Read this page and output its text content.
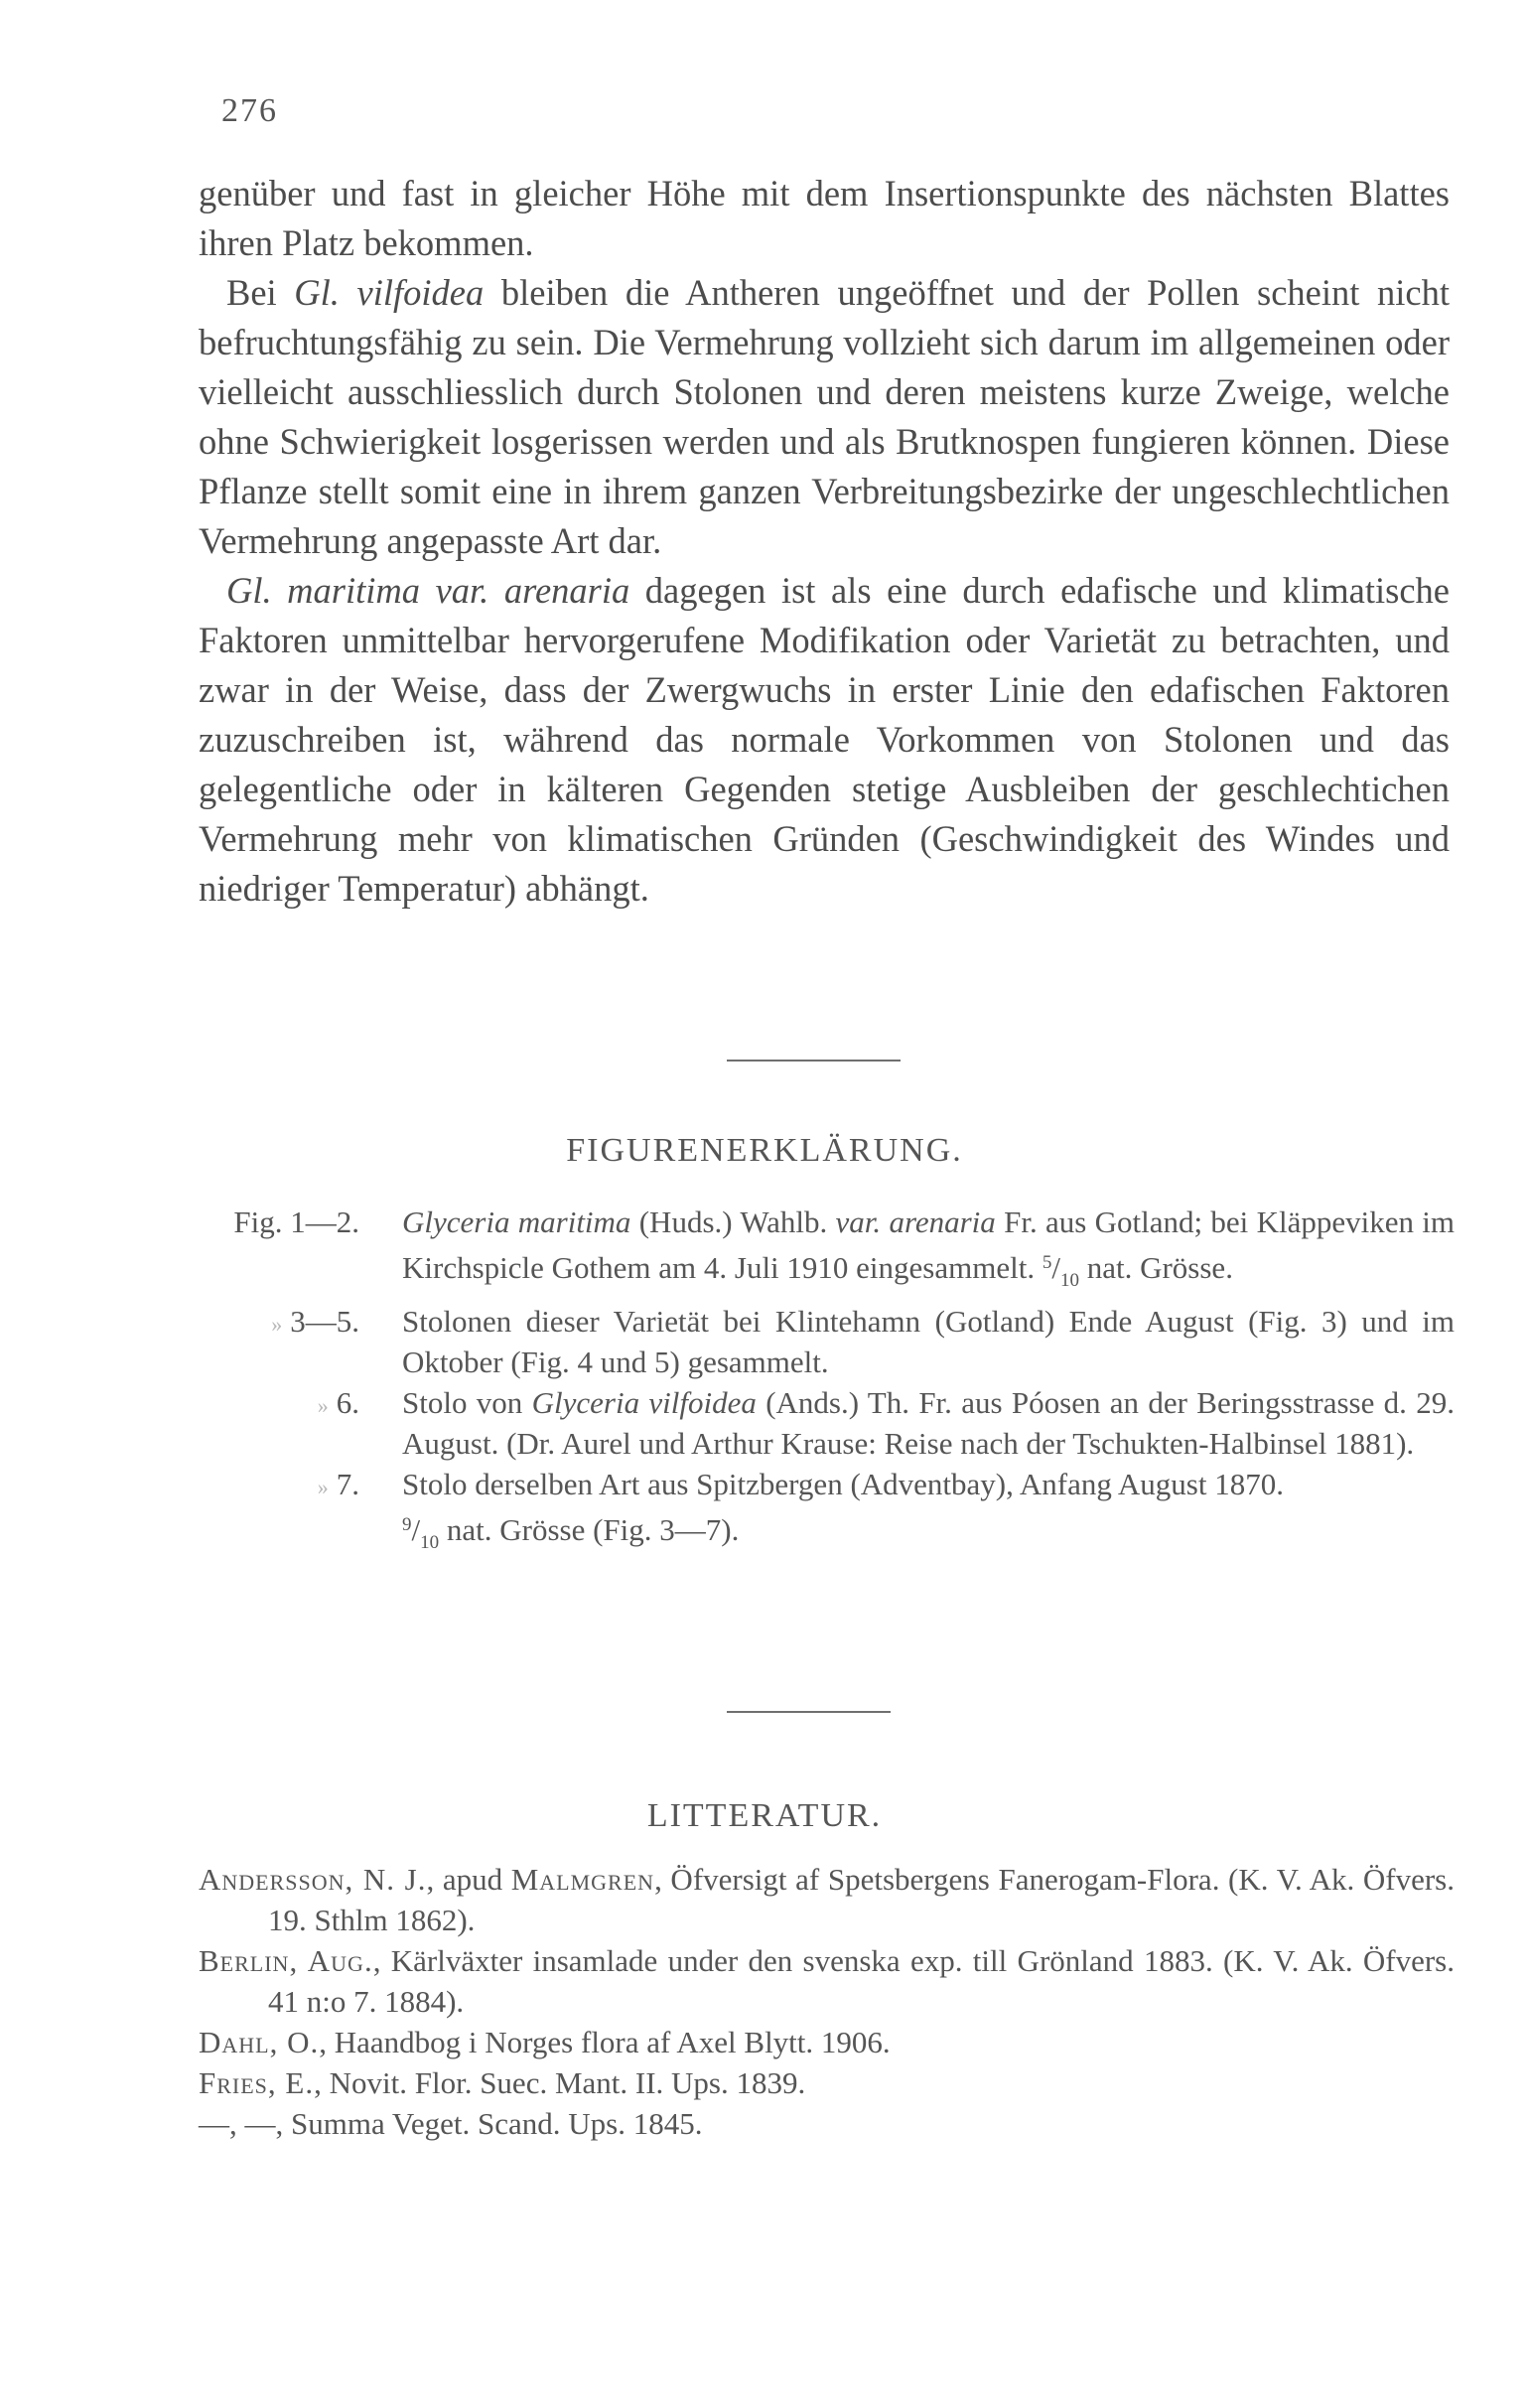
276

genüber und fast in gleicher Höhe mit dem Insertionspunkte des nächsten Blattes ihren Platz bekommen.

Bei Gl. vilfoidea bleiben die Antheren ungeöffnet und der Pollen scheint nicht befruchtungsfähig zu sein. Die Vermehrung vollzieht sich darum im allgemeinen oder vielleicht ausschliesslich durch Stolonen und deren meistens kurze Zweige, welche ohne Schwierigkeit losgerissen werden und als Brutknospen fungieren können. Diese Pflanze stellt somit eine in ihrem ganzen Verbreitungsbezirke der ungeschlechtlichen Vermehrung angepasste Art dar.

Gl. maritima var. arenaria dagegen ist als eine durch edafische und klimatische Faktoren unmittelbar hervorgerufene Modifikation oder Varietät zu betrachten, und zwar in der Weise, dass der Zwergwuchs in erster Linie den edafischen Faktoren zuzuschreiben ist, während das normale Vorkommen von Stolonen und das gelegentliche oder in kälteren Gegenden stetige Ausbleiben der geschlechtichen Vermehrung mehr von klimatischen Gründen (Geschwindigkeit des Windes und niedriger Temperatur) abhängt.

FIGURENERKLÄRUNG.
Fig. 1—2. Glyceria maritima (Huds.) Wahlb. var. arenaria Fr. aus Gotland; bei Kläppeviken im Kirchspicle Gothem am 4. Juli 1910 eingesammelt. $^5/_{10}$ nat. Grösse.
» 3—5. Stolonen dieser Varietät bei Klintehamn (Gotland) Ende August (Fig. 3) und im Oktober (Fig. 4 und 5) gesammelt.
» 6. Stolo von Glyceria vilfoidea (Ands.) Th. Fr. aus Póosen an der Beringsstrasse d. 29. August. (Dr. Aurel und Arthur Krause: Reise nach der Tschukten-Halbinsel 1881).
» 7. Stolo derselben Art aus Spitzbergen (Adventbay), Anfang August 1870.
$^9/_{10}$ nat. Grösse (Fig. 3—7).
LITTERATUR.

Andersson, N. J., apud Malmgren, Öfversigt af Spetsbergens Fanerogam-Flora. (K. V. Ak. Öfvers. 19. Sthlm 1862).

Berlin, Aug., Kärlväxter insamlade under den svenska exp. till Grönland 1883. (K. V. Ak. Öfvers. 41 n:o 7. 1884).

Dahl, O., Haandbog i Norges flora af Axel Blytt. 1906.

Fries, E., Novit. Flor. Suec. Mant. II. Ups. 1839.

—, —, Summa Veget. Scand. Ups. 1845.
